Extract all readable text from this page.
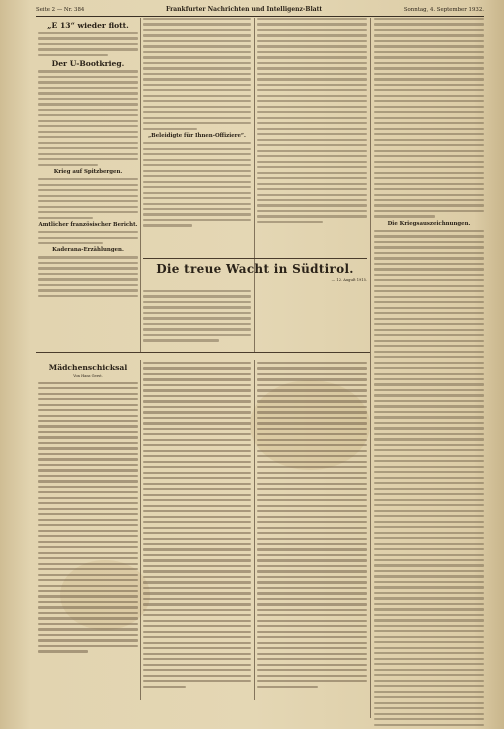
Seite 2 — Nr. 384	Frankfurter Nachrichten und Intelligenz-Blatt	Sonntag, 4. September 1932.
„E 13“ wieder flott.
Der U-Bootkrieg.
Krieg auf Spitzbergen.
Amtlicher französischer Bericht.
Kaderana-Erzählungen.
„Beleidigte für Ihnen-Offiziere“.
Die treue Wacht in Südtirol.
— 12. Auguſt 1915.
Die Kriegsauszeichnungen.
Mädchenschicksal
Von Hans Gerst.
